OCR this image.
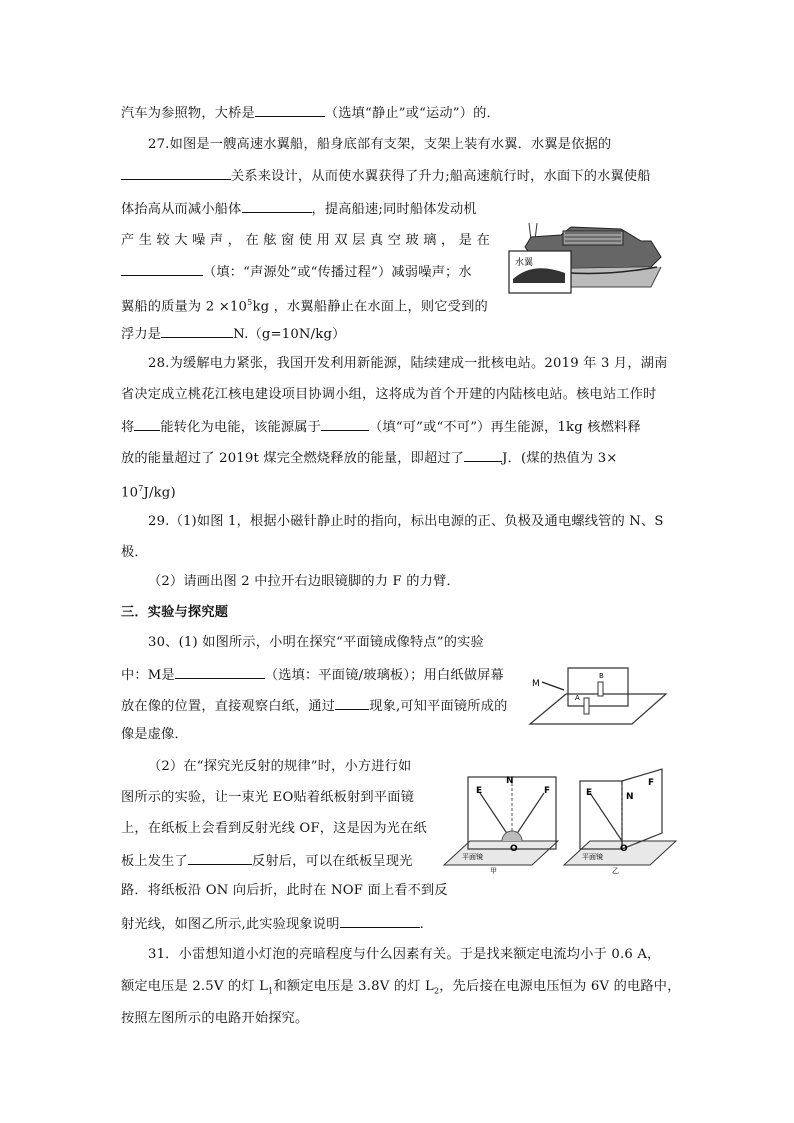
汽车为参照物，大桥是	（选填“静止”或“运动”）的．
27.如图是一艘高速水翼船，船身底部有支架，支架上装有水翼．水翼是依据的
关系来设计，从而使水翼获得了升力;船高速航行时，水面下的水翼使船
体抬高从而减小船体	，提高船速;同时船体发动机
产 生 较 大 噪 声 ， 在 舷 窗 使 用 双 层 真 空 玻 璃 ， 是 在
（填：“声源处”或“传播过程”）减弱噪声；水
翼船的质量为 $2 \times 10^5kg$ ，水翼船静止在水面上，则它受到的
浮力是	N.（g=10N/kg）
水翼
28.为缓解电力紧张，我国开发利用新能源，陆续建成一批核电站。2019 年 3 月，湖南
省决定成立桃花江核电建设项目协调小组，这将成为首个开建的内陆核电站。核电站工作时
将 能转化为电能，该能源属于	（填“可”或“不可”）再生能源，1kg 核燃料释
放的能量超过了 2019t 煤完全燃烧释放的能量，即超过了	J．(煤的热值为 3×
$10^7J/kg$)
29.（1)如图 1，根据小磁针静止时的指向，标出电源的正、负极及通电螺线管的 N、S
极．
（2）请画出图 2 中拉开右边眼镜脚的力 F 的力臂．
三．实验与探究题
30、(1) 如图所示，小明在探究“平面镜成像特点”的实验
中：M是	（选填：平面镜/玻璃板）；用白纸做屏幕
放在像的位置，直接观察白纸，通过	现象,可知平面镜所成的
像是虚像．
M
A
B
（2）在“探究光反射的规律”时，小方进行如
图所示的实验，让一束光 EO贴着纸板射到平面镜
上，在纸板上会看到反射光线 OF，这是因为光在纸
板上发生了	反射后，可以在纸板呈现光
路．将纸板沿 ON 向后折，此时在 NOF 面上看不到反
射光线，如图乙所示,此实验现象说明	.
E
N
F
O
平面镜
甲
E	N
F
O
平面镜
乙
31．小雷想知道小灯泡的亮暗程度与什么因素有关。于是找来额定电流均小于 0.6 A，
额定电压是 2.5V 的灯 $L_1$和额定电压是 3.8V 的灯 $L_2$，先后接在电源电压恒为 6V 的电路中，
按照左图所示的电路开始探究。
